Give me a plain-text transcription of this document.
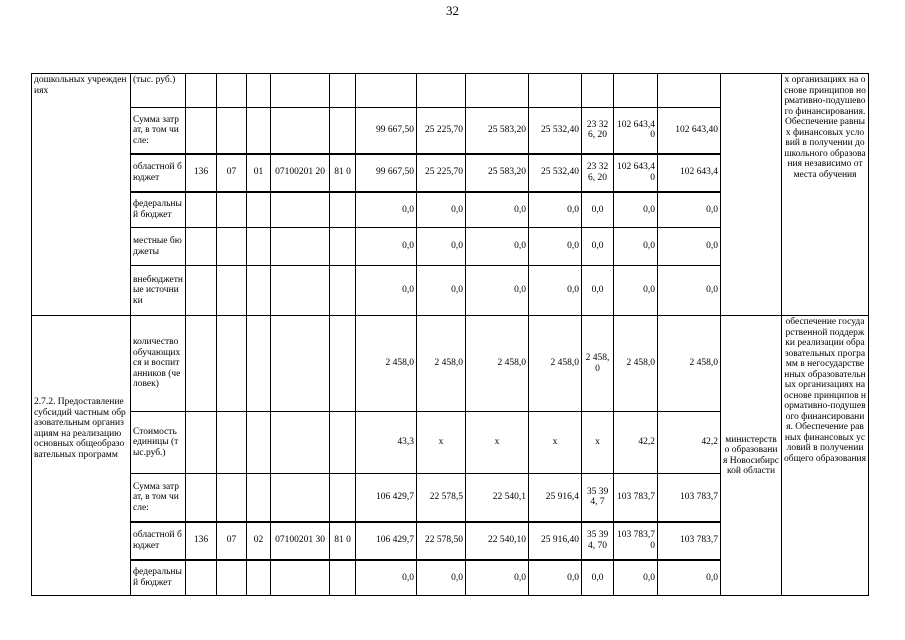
32
дошкольных учреждениях	(тыс. руб.)														х организациях на основе принципов нормативно-подушевого финансирования. Обеспечение равных финансовых условий в получении дошкольного образования независимо от места обучения
	Сумма затрат, в том числе:						99 667,50	25 225,70	25 583,20	25 532,40	23 326, 20	102 643,40	102 643,40		
	областной бюджет	136	07	01	07100201 20	81 0	99 667,50	25 225,70	25 583,20	25 532,40	23 326, 20	102 643,40	102 643,4		
	федеральный бюджет						0,0	0,0	0,0	0,0	0,0	0,0	0,0		
	местные бюджеты						0,0	0,0	0,0	0,0	0,0	0,0	0,0		
	внебюджетные источники						0,0	0,0	0,0	0,0	0,0	0,0	0,0		

2.7.2. Предоставление субсидий частным образовательным организациям на реализацию основных общеобразовательных программ	количество обучающихся и воспитанников (человек)						2 458,0	2 458,0	2 458,0	2 458,0	2 458, 0	2 458,0	2 458,0	министерство образования Новосибирской области	обеспечение государственной поддержки реализации образовательных программ в негосударственных образовательных организациях на основе принципов нормативно-подушевого финансирования. Обеспечение равных финансовых условий в получении общего образования
	Стоимость единицы (тыс.руб.)						43,3	x	x	x	x	42,2	42,2		
	Сумма затрат, в том числе:						106 429,7	22 578,5	22 540,1	25 916,4	35 394, 7	103 783,7	103 783,7		
	областной бюджет	136	07	02	07100201 30	81 0	106 429,7	22 578,50	22 540,10	25 916,40	35 394, 70	103 783,70	103 783,7		
	федеральный бюджет						0,0	0,0	0,0	0,0	0,0	0,0	0,0		
